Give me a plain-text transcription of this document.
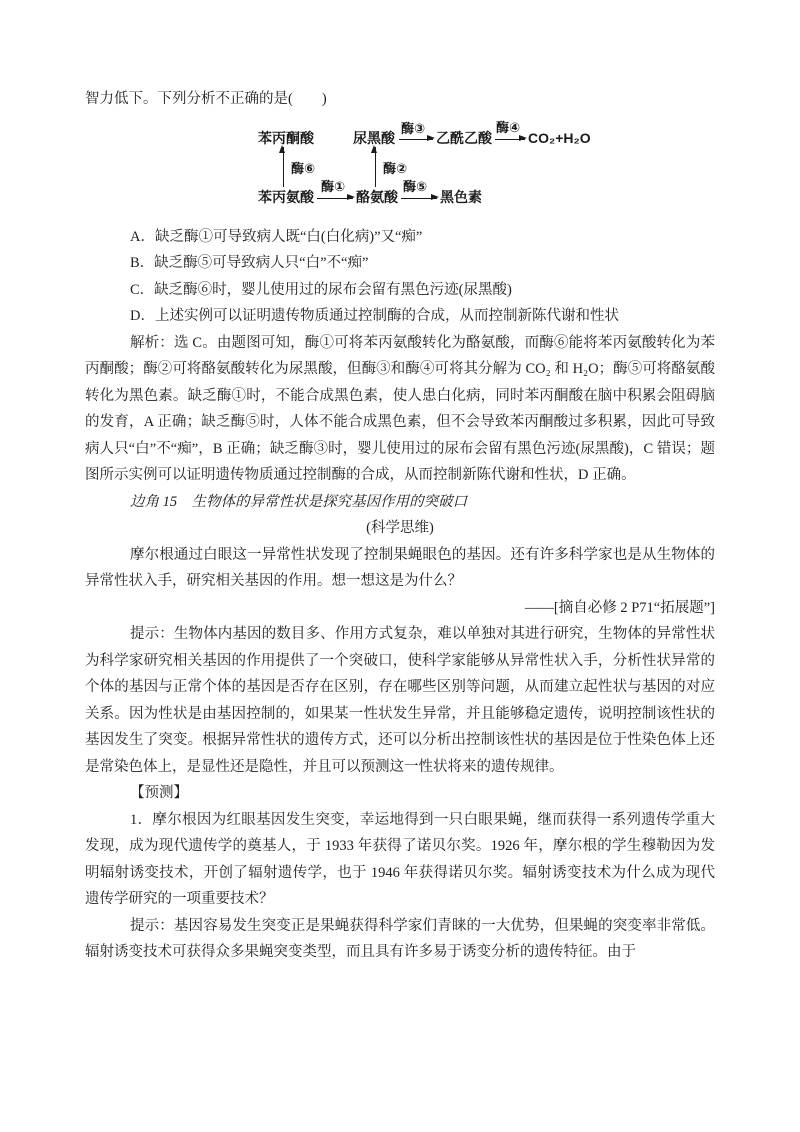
智力低下。下列分析不正确的是(　　)

苯丙酮酸	尿黑酸
酶③
乙酰乙酸
酶④
CO₂+H₂O
酶⑥	酶②
苯丙氨酸
酶①
酪氨酸
酶⑤
黑色素

A．缺乏酶①可导致病人既“白(白化病)”又“痴”

B．缺乏酶⑤可导致病人只“白”不“痴”

C．缺乏酶⑥时，婴儿使用过的尿布会留有黑色污迹(尿黑酸)

D．上述实例可以证明遗传物质通过控制酶的合成，从而控制新陈代谢和性状

解析：选 C。由题图可知，酶①可将苯丙氨酸转化为酪氨酸，而酶⑥能将苯丙氨酸转化为苯丙酮酸；酶②可将酪氨酸转化为尿黑酸，但酶③和酶④可将其分解为 CO₂ 和 H₂O；酶⑤可将酪氨酸转化为黑色素。缺乏酶①时，不能合成黑色素，使人患白化病，同时苯丙酮酸在脑中积累会阻碍脑的发育，A 正确；缺乏酶⑤时，人体不能合成黑色素，但不会导致苯丙酮酸过多积累，因此可导致病人只“白”不“痴”，B 正确；缺乏酶③时，婴儿使用过的尿布会留有黑色污迹(尿黑酸)，C 错误；题图所示实例可以证明遗传物质通过控制酶的合成，从而控制新陈代谢和性状，D 正确。

边角 15　生物体的异常性状是探究基因作用的突破口

(科学思维)

摩尔根通过白眼这一异常性状发现了控制果蝇眼色的基因。还有许多科学家也是从生物体的异常性状入手，研究相关基因的作用。想一想这是为什么？

——[摘自必修 2 P71“拓展题”]

提示：生物体内基因的数目多、作用方式复杂，难以单独对其进行研究，生物体的异常性状为科学家研究相关基因的作用提供了一个突破口，使科学家能够从异常性状入手，分析性状异常的个体的基因与正常个体的基因是否存在区别，存在哪些区别等问题，从而建立起性状与基因的对应关系。因为性状是由基因控制的，如果某一性状发生异常，并且能够稳定遗传，说明控制该性状的基因发生了突变。根据异常性状的遗传方式，还可以分析出控制该性状的基因是位于性染色体上还是常染色体上，是显性还是隐性，并且可以预测这一性状将来的遗传规律。

【预测】

1．摩尔根因为红眼基因发生突变，幸运地得到一只白眼果蝇，继而获得一系列遗传学重大发现，成为现代遗传学的奠基人，于 1933 年获得了诺贝尔奖。1926 年，摩尔根的学生穆勒因为发明辐射诱变技术，开创了辐射遗传学，也于 1946 年获得诺贝尔奖。辐射诱变技术为什么成为现代遗传学研究的一项重要技术？

提示：基因容易发生突变正是果蝇获得科学家们青睐的一大优势，但果蝇的突变率非常低。辐射诱变技术可获得众多果蝇突变类型，而且具有许多易于诱变分析的遗传特征。由于
